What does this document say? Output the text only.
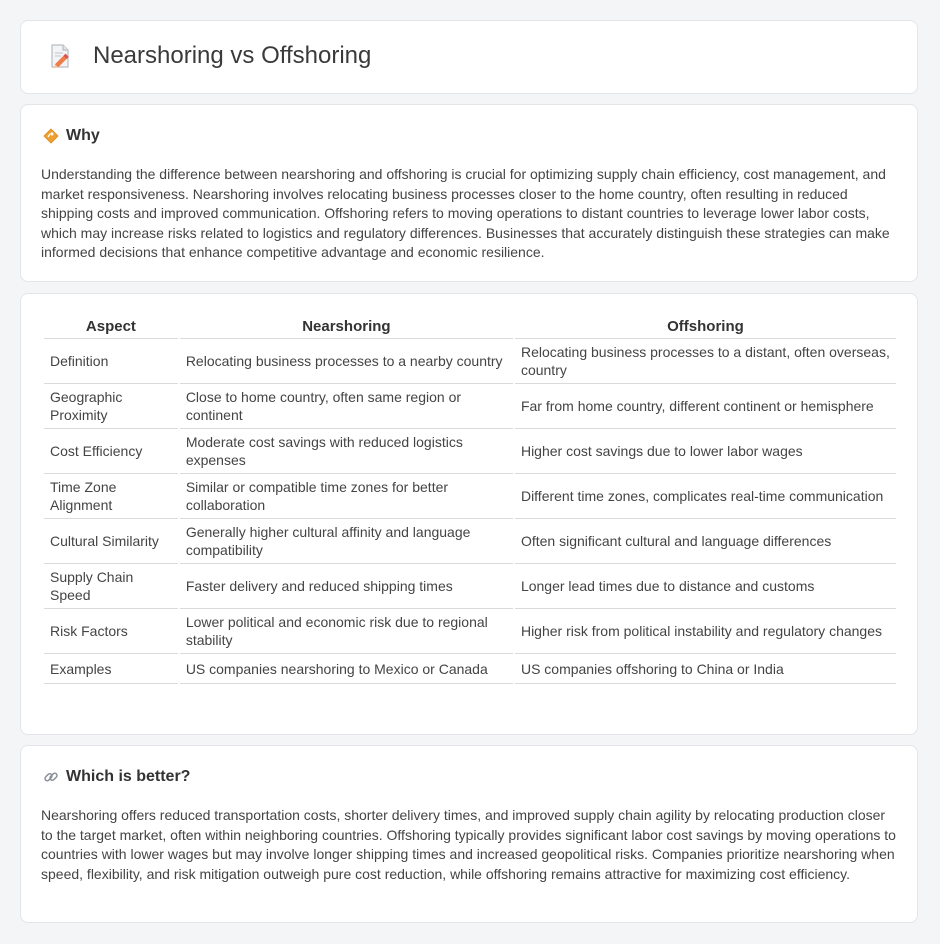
Nearshoring vs Offshoring
Why

Understanding the difference between nearshoring and offshoring is crucial for optimizing supply chain efficiency, cost management, and market responsiveness. Nearshoring involves relocating business processes closer to the home country, often resulting in reduced shipping costs and improved communication. Offshoring refers to moving operations to distant countries to leverage lower labor costs, which may increase risks related to logistics and regulatory differences. Businesses that accurately distinguish these strategies can make informed decisions that enhance competitive advantage and economic resilience.

Aspect	Nearshoring	Offshoring
Definition	Relocating business processes to a nearby country	Relocating business processes to a distant, often overseas, country
Geographic Proximity	Close to home country, often same region or continent	Far from home country, different continent or hemisphere
Cost Efficiency	Moderate cost savings with reduced logistics expenses	Higher cost savings due to lower labor wages
Time Zone Alignment	Similar or compatible time zones for better collaboration	Different time zones, complicates real-time communication
Cultural Similarity	Generally higher cultural affinity and language compatibility	Often significant cultural and language differences
Supply Chain Speed	Faster delivery and reduced shipping times	Longer lead times due to distance and customs
Risk Factors	Lower political and economic risk due to regional stability	Higher risk from political instability and regulatory changes
Examples	US companies nearshoring to Mexico or Canada	US companies offshoring to China or India
Which is better?

Nearshoring offers reduced transportation costs, shorter delivery times, and improved supply chain agility by relocating production closer to the target market, often within neighboring countries. Offshoring typically provides significant labor cost savings by moving operations to countries with lower wages but may involve longer shipping times and increased geopolitical risks. Companies prioritize nearshoring when speed, flexibility, and risk mitigation outweigh pure cost reduction, while offshoring remains attractive for maximizing cost efficiency.
